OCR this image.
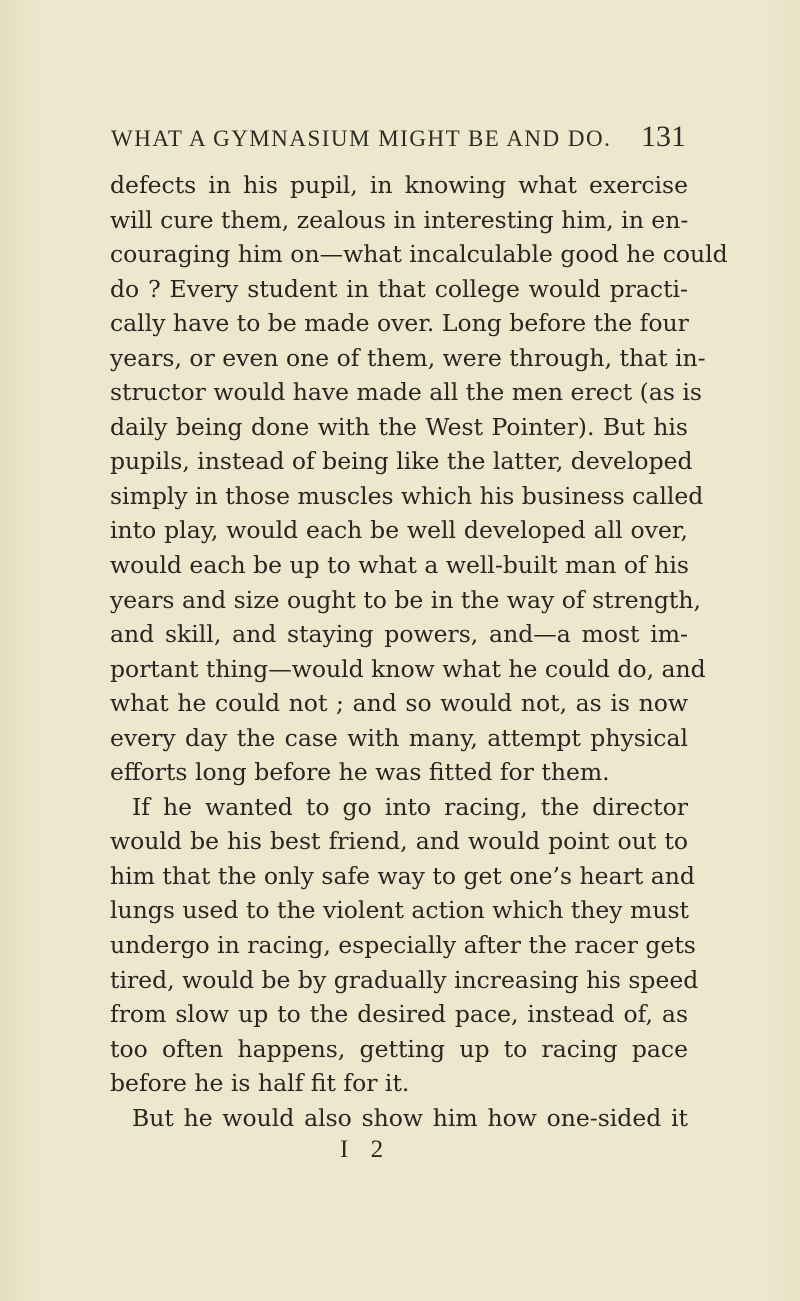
WHAT A GYMNASIUM MIGHT BE AND DO. 131
defects in his pupil, in knowing what exercise
will cure them, zealous in interesting him, in en-
couraging him on—what incalculable good he could
do ? Every student in that college would practi-
cally have to be made over. Long before the four
years, or even one of them, were through, that in-
structor would have made all the men erect (as is
daily being done with the West Pointer). But his
pupils, instead of being like the latter, developed
simply in those muscles which his business called
into play, would each be well developed all over,
would each be up to what a well-built man of his
years and size ought to be in the way of strength,
and skill, and staying powers, and—a most im-
portant thing—would know what he could do, and
what he could not ; and so would not, as is now
every day the case with many, attempt physical
efforts long before he was fitted for them.
If he wanted to go into racing, the director
would be his best friend, and would point out to
him that the only safe way to get one’s heart and
lungs used to the violent action which they must
undergo in racing, especially after the racer gets
tired, would be by gradually increasing his speed
from slow up to the desired pace, instead of, as
too often happens, getting up to racing pace
before he is half fit for it.
But he would also show him how one-sided it
I 2
